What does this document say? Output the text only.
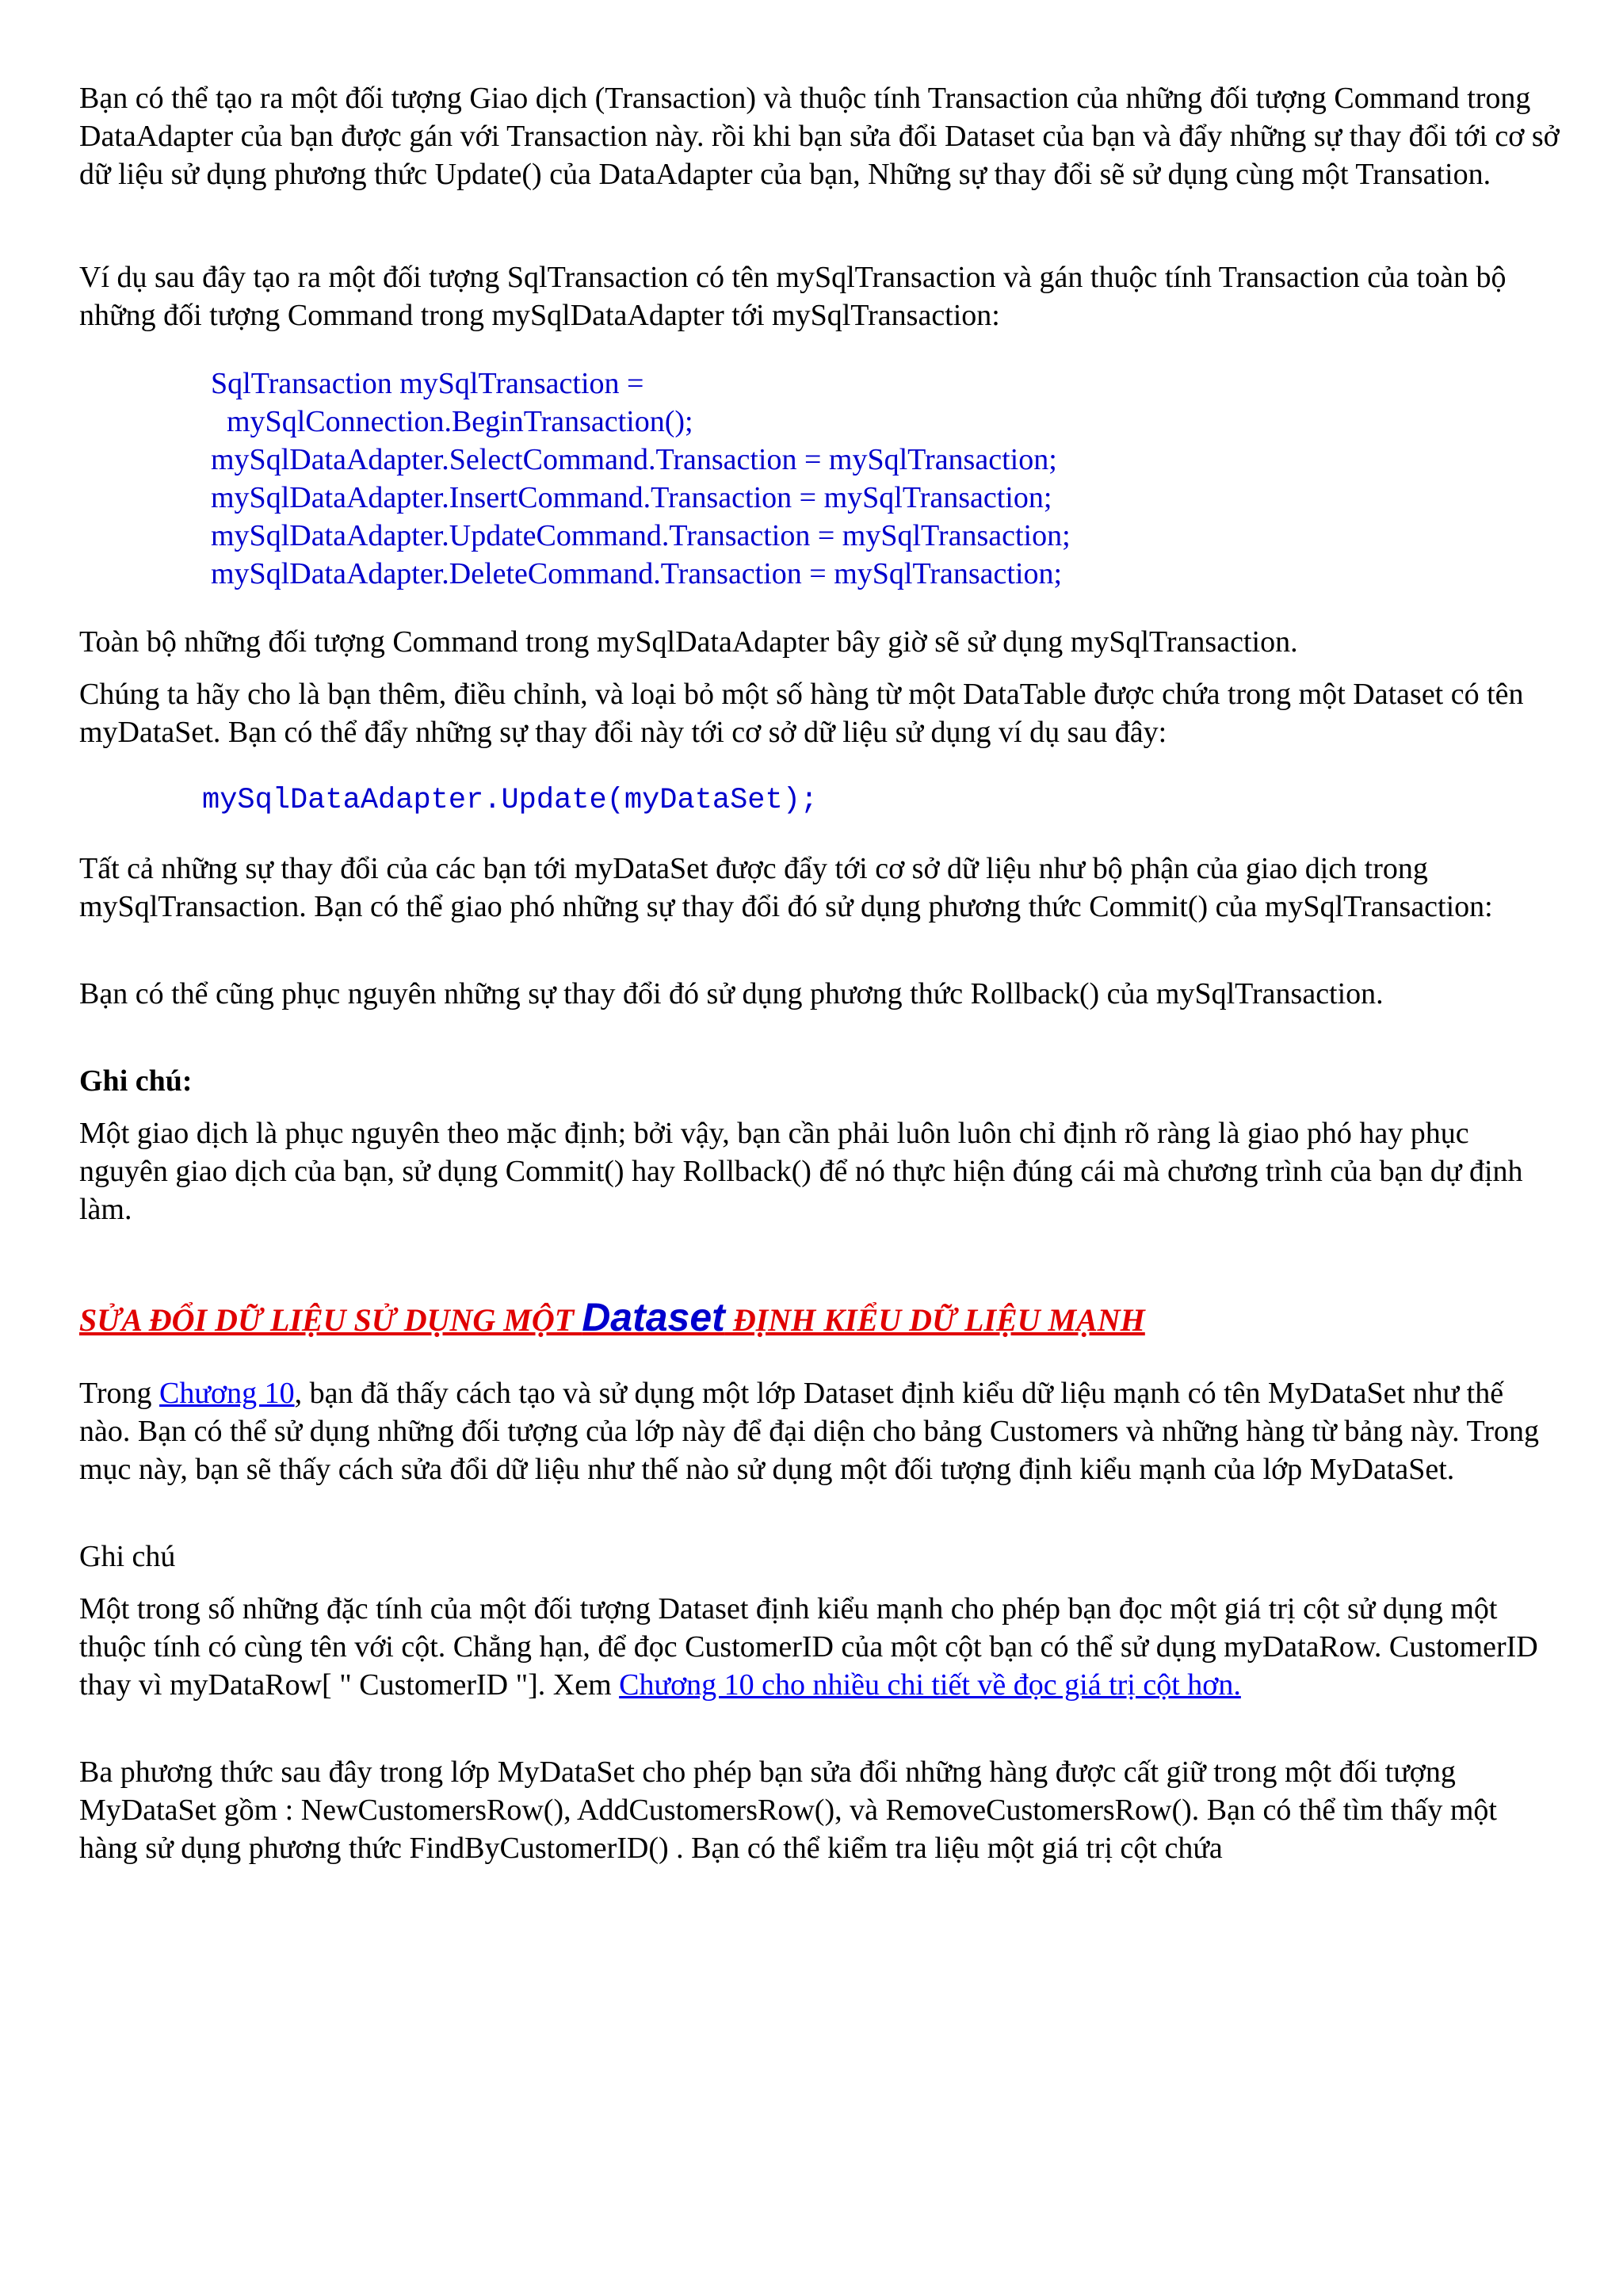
Bạn có thể tạo ra một đối tượng Giao dịch (Transaction) và thuộc tính Transaction của những đối tượng Command trong DataAdapter của bạn được gán với Transaction này. rồi khi bạn sửa đổi Dataset của bạn và đẩy những sự thay đổi tới cơ sở dữ liệu sử dụng phương thức Update() của DataAdapter của bạn, Những sự thay đổi sẽ sử dụng cùng một Transation.

Ví dụ sau đây tạo ra một đối tượng SqlTransaction có tên mySqlTransaction và gán thuộc tính Transaction của toàn bộ những đối tượng Command trong mySqlDataAdapter tới mySqlTransaction:

SqlTransaction mySqlTransaction =
mySqlConnection.BeginTransaction();
mySqlDataAdapter.SelectCommand.Transaction = mySqlTransaction;
mySqlDataAdapter.InsertCommand.Transaction = mySqlTransaction;
mySqlDataAdapter.UpdateCommand.Transaction = mySqlTransaction;
mySqlDataAdapter.DeleteCommand.Transaction = mySqlTransaction;

Toàn bộ những đối tượng Command trong mySqlDataAdapter bây giờ sẽ sử dụng mySqlTransaction.

Chúng ta hãy cho là bạn thêm, điều chỉnh, và loại bỏ một số hàng từ một DataTable được chứa trong một Dataset có tên myDataSet. Bạn có thể đẩy những sự thay đổi này tới cơ sở dữ liệu sử dụng ví dụ sau đây:

mySqlDataAdapter.Update(myDataSet);

Tất cả những sự thay đổi của các bạn tới myDataSet được đẩy tới cơ sở dữ liệu như bộ phận của giao dịch trong mySqlTransaction. Bạn có thể giao phó những sự thay đổi đó sử dụng phương thức Commit() của mySqlTransaction:

Bạn có thể cũng phục nguyên những sự thay đổi đó sử dụng phương thức Rollback() của mySqlTransaction.

Ghi chú:

Một giao dịch là phục nguyên theo mặc định; bởi vậy, bạn cần phải luôn luôn chỉ định rõ ràng là giao phó hay phục nguyên giao dịch của bạn, sử dụng Commit() hay Rollback() để nó thực hiện đúng cái mà chương trình của bạn dự định làm.

SỬA ĐỔI DỮ LIỆU SỬ DỤNG MỘT Dataset ĐỊNH KIỂU DỮ LIỆU MẠNH

Trong Chương 10, bạn đã thấy cách tạo và sử dụng một lớp Dataset định kiểu dữ liệu mạnh có tên MyDataSet như thế nào. Bạn có thể sử dụng những đối tượng của lớp này để đại diện cho bảng Customers và những hàng từ bảng này. Trong mục này, bạn sẽ thấy cách sửa đổi dữ liệu như thế nào sử dụng một đối tượng định kiểu mạnh của lớp MyDataSet.

Ghi chú

Một trong số những đặc tính của một đối tượng Dataset định kiểu mạnh cho phép bạn đọc một giá trị cột sử dụng một thuộc tính có cùng tên với cột. Chẳng hạn, để đọc CustomerID của một cột bạn có thể sử dụng myDataRow. CustomerID thay vì myDataRow[ " CustomerID "]. Xem Chương 10 cho nhiều chi tiết về đọc giá trị cột hơn.

Ba phương thức sau đây trong lớp MyDataSet cho phép bạn sửa đổi những hàng được cất giữ trong một đối tượng MyDataSet gồm : NewCustomersRow(), AddCustomersRow(), và RemoveCustomersRow(). Bạn có thể tìm thấy một hàng sử dụng phương thức FindByCustomerID() . Bạn có thể kiểm tra liệu một giá trị cột chứa
